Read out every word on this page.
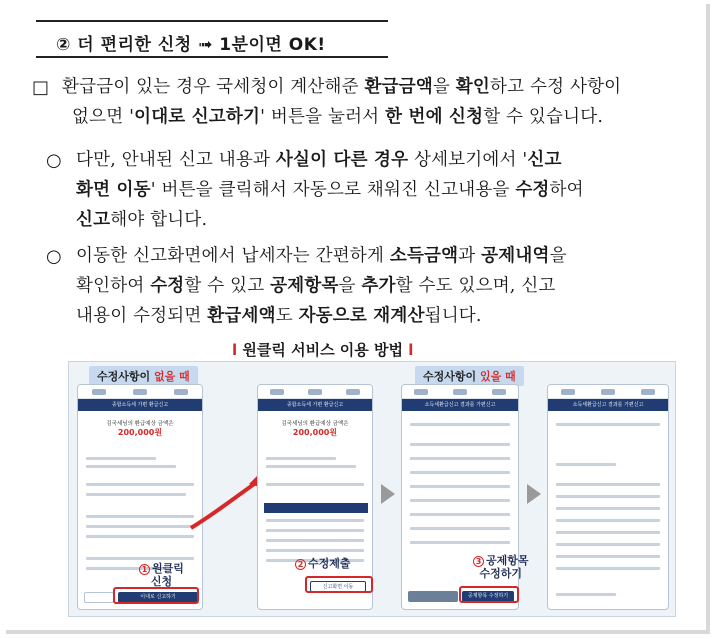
② 더 편리한 신청 ➟ 1분이면 OK!
□ 환급금이 있는 경우 국세청이 계산해준 환급금액을 확인하고 수정 사항이
없으면 '이대로 신고하기' 버튼을 눌러서 한 번에 신청할 수 있습니다.
○ 다만, 안내된 신고 내용과 사실이 다른 경우 상세보기에서 '신고
화면 이동' 버튼을 클릭해서 자동으로 채워진 신고내용을 수정하여
신고해야 합니다.
○ 이동한 신고화면에서 납세자는 간편하게 소득금액과 공제내역을
확인하여 수정할 수 있고 공제항목을 추가할 수도 있으며, 신고
내용이 수정되면 환급세액도 자동으로 재계산됩니다.
l 원클릭 서비스 이용 방법 l
수정사항이 없을 때	수정사항이 있을 때
종합소득세 가편 환급신고
김국세님의 환급예상 금액은
200,000원
이대로 신고하기
1 원클릭
신청
종합소득세 가편 환급신고
김국세님의 환급예상 금액은
200,000원
신고화면 이동
2 수정제출
소득세환급신고 결과를 가편신고
공제항목 수정하기
3 공제항목
수정하기
소득세환급신고 결과를 가편신고
